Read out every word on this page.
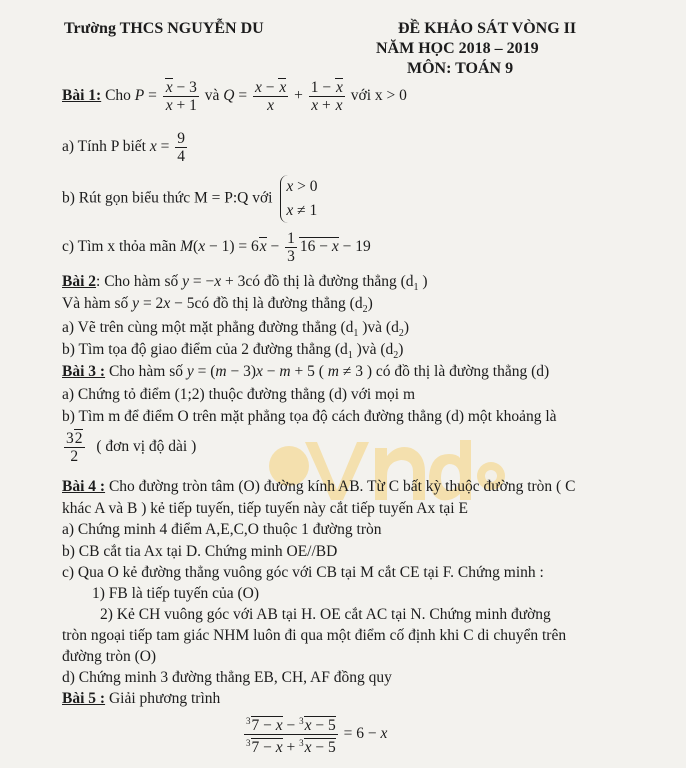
Trường THCS NGUYỄN DU	ĐỀ KHẢO SÁT VÒNG II
NĂM HỌC 2018 – 2019
MÔN: TOÁN 9
Bài 1: Cho $P = \frac{x - 3}{x + 1}$ và $Q = \frac{x - x}{x} + \frac{1 - x}{x + x}$ với x > 0
a) Tính P biết $x = \frac{9}{4}$
b) Rút gọn biểu thức M = P:Q với
x > 0
x ≠ 1
c) Tìm x thỏa mãn $M(x - 1) = 6x - \frac{1}{3} 16 - x - 19$
Bài 2: Cho hàm số y = −x + 3có đồ thị là đường thẳng ($d_1$ )
Và hàm số y = 2x − 5có đồ thị là đường thẳng $(d_2)$
a) Vẽ trên cùng một mặt phẳng đường thẳng ($d_1$ )và $(d_2)$
b) Tìm tọa độ giao điểm của 2 đường thẳng ($d_1$ )và $(d_2)$
Bài 3 : Cho hàm số y = (m − 3)x − m + 5 ( m ≠ 3 ) có đồ thị là đường thẳng (d)
a) Chứng tỏ điểm (1;2) thuộc đường thẳng (d) với mọi m
b) Tìm m để điểm O trên mặt phẳng tọa độ cách đường thẳng (d) một khoảng là
$\frac{32}{2}$ ( đơn vị độ dài )
Bài 4 : Cho đường tròn tâm (O) đường kính AB. Từ C bất kỳ thuộc đường tròn ( C
khác A và B ) kẻ tiếp tuyến, tiếp tuyến này cắt tiếp tuyến Ax tại E
a) Chứng minh 4 điểm A,E,C,O thuộc 1 đường tròn
b) CB cắt tia Ax tại D. Chứng minh OE//BD
c) Qua O kẻ đường thẳng vuông góc với CB tại M cắt CE tại F. Chứng minh :
1) FB là tiếp tuyến của (O)
2) Kẻ CH vuông góc với AB tại H. OE cắt AC tại N. Chứng minh đường
tròn ngoại tiếp tam giác NHM luôn đi qua một điểm cố định khi C di chuyển trên
đường tròn (O)
d) Chứng minh 3 đường thẳng EB, CH, AF đồng quy
Bài 5 : Giải phương trình
$\frac{^37 - x - ^3x - 5}{^37 - x + ^3x - 5} = 6 - x$
